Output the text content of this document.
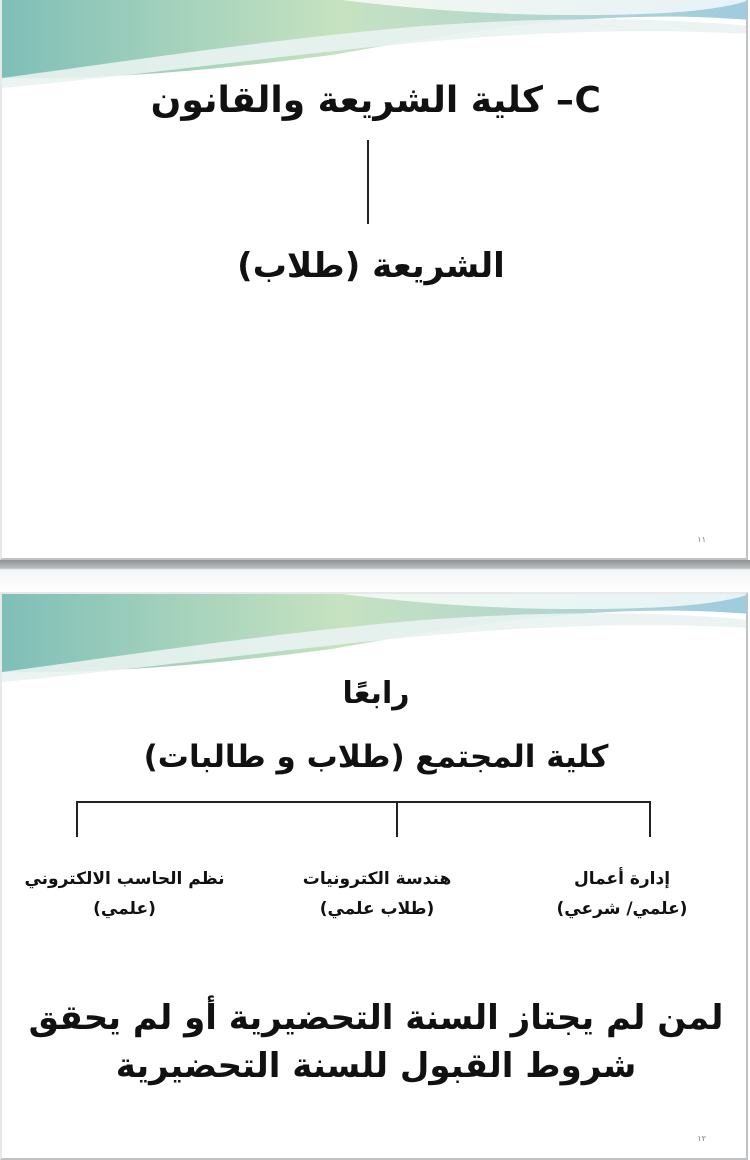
C– كلية الشريعة والقانون
الشريعة (طلاب)
١١
رابعًا
كلية المجتمع (طلاب و طالبات)
إدارة أعمال
(علمي/ شرعي)
هندسة الكترونيات
(طلاب علمي)
نظم الحاسب الالكتروني
(علمي)
لمن لم يجتاز السنة التحضيرية أو لم يحقق
شروط القبول للسنة التحضيرية
١٢
